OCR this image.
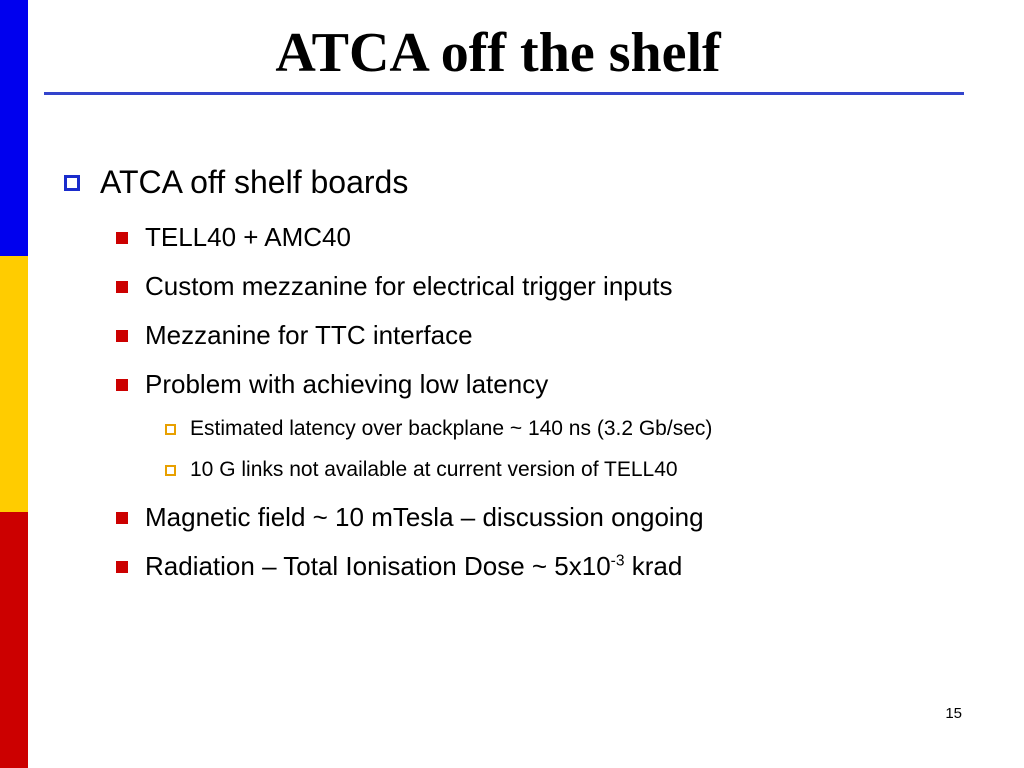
ATCA off the shelf
ATCA off shelf boards
TELL40 + AMC40
Custom mezzanine for electrical trigger inputs
Mezzanine for TTC interface
Problem with achieving low latency
Estimated latency over backplane ~ 140 ns (3.2 Gb/sec)
10 G links not available at current version of TELL40
Magnetic field ~ 10 mTesla – discussion ongoing
Radiation – Total Ionisation Dose ~ $5x10^{-3}$ krad
15
